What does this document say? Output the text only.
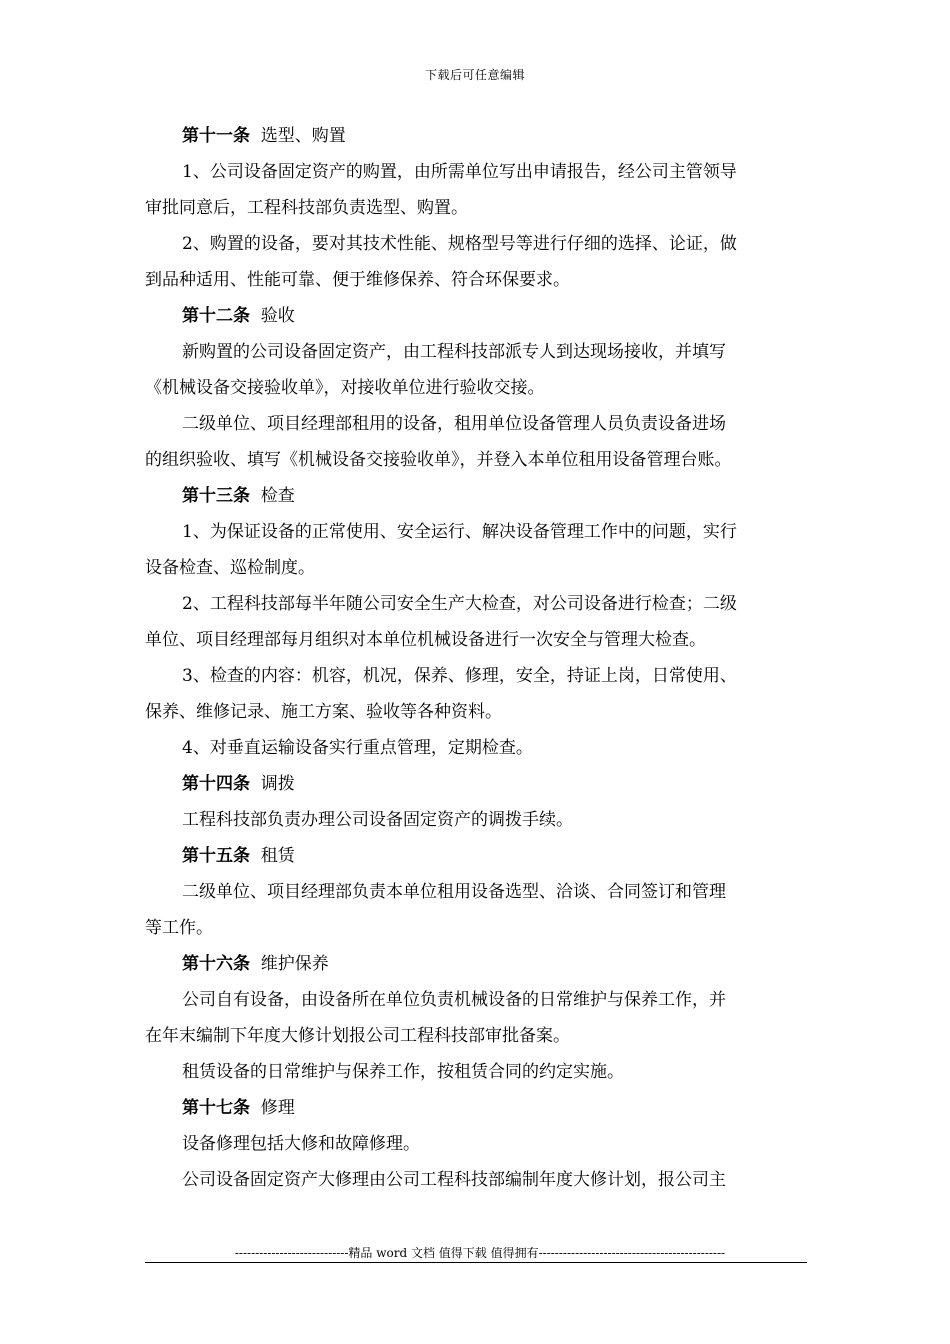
下载后可任意编辑
第十一条  选型、购置
1、公司设备固定资产的购置，由所需单位写出申请报告，经公司主管领导
审批同意后，工程科技部负责选型、购置。
2、购置的设备，要对其技术性能、规格型号等进行仔细的选择、论证，做
到品种适用、性能可靠、便于维修保养、符合环保要求。
第十二条  验收
新购置的公司设备固定资产，由工程科技部派专人到达现场接收，并填写
《机械设备交接验收单》，对接收单位进行验收交接。
二级单位、项目经理部租用的设备，租用单位设备管理人员负责设备进场
的组织验收、填写《机械设备交接验收单》，并登入本单位租用设备管理台账。
第十三条  检查
1、为保证设备的正常使用、安全运行、解决设备管理工作中的问题，实行
设备检查、巡检制度。
2、工程科技部每半年随公司安全生产大检查，对公司设备进行检查；二级
单位、项目经理部每月组织对本单位机械设备进行一次安全与管理大检查。
3、检查的内容：机容，机况，保养、修理，安全，持证上岗，日常使用、
保养、维修记录、施工方案、验收等各种资料。
4、对垂直运输设备实行重点管理，定期检查。
第十四条  调拨
工程科技部负责办理公司设备固定资产的调拨手续。
第十五条  租赁
二级单位、项目经理部负责本单位租用设备选型、洽谈、合同签订和管理
等工作。
第十六条  维护保养
公司自有设备，由设备所在单位负责机械设备的日常维护与保养工作，并
在年末编制下年度大修计划报公司工程科技部审批备案。
租赁设备的日常维护与保养工作，按租赁合同的约定实施。
第十七条  修理
设备修理包括大修和故障修理。
公司设备固定资产大修理由公司工程科技部编制年度大修计划，报公司主
----------------------------精品 word 文档 值得下载 值得拥有----------------------------------------------
